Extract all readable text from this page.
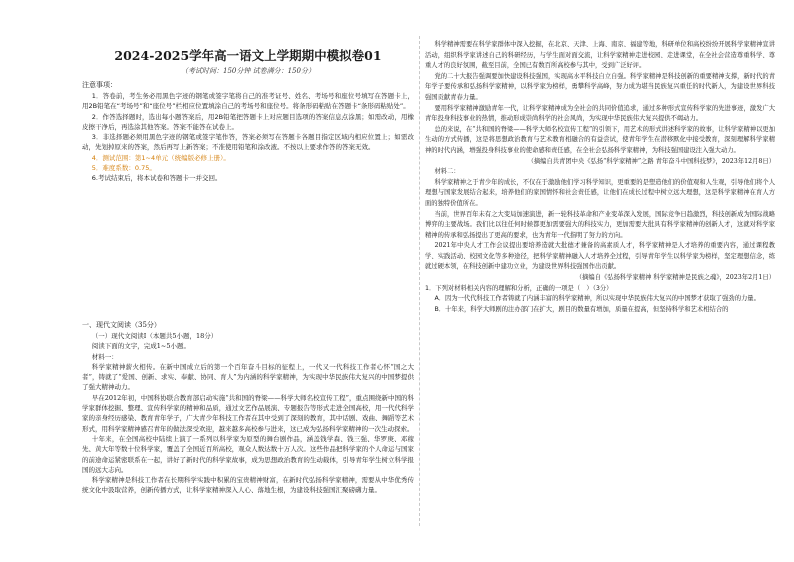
2024-2025学年高一语文上学期期中模拟卷01
（考试时间：150分钟 试卷满分：150分）

注意事项：

1．答卷前，考生务必用黑色字迹的钢笔或签字笔将自己的准考证号、姓名、考场号和座位号填写在答题卡上，用2B铅笔在“考场号”和“座位号”栏相应位置填涂自己的考场号和座位号。将条形码粘贴在答题卡“条形码粘贴处”。

2．作答选择题时，选出每小题答案后，用2B铅笔把答题卡上对应题目选项的答案信息点涂黑；如需改动，用橡皮擦干净后，再选涂其他答案。答案不能答在试卷上。

3．非选择题必须用黑色字迹的钢笔或签字笔作答，答案必须写在答题卡各题目指定区域内相应位置上；如需改动，先划掉原来的答案，然后再写上新答案；不准使用铅笔和涂改液。不按以上要求作答的答案无效。

4．测试范围：第1~4单元（统编版必修上册）。

5．难度系数：0.75。

6.考试结束后，将本试卷和答题卡一并交回。

一、现代文阅读（35分）

（一）现代文阅读Ⅰ（本题共5小题，18分）

阅读下面的文字，完成1~5小题。

材料一：

科学家精神薪火相传。在新中国成立后的第一个百年奋斗目标的征程上，一代又一代科技工作者心怀“国之大者”，铸就了“爱国、创新、求实、奉献、协同、育人”为内涵的科学家精神，为实现中华民族伟大复兴的中国梦提供了强大精神动力。

早在2012年初，中国科协联合教育部启动实施“共和国的脊梁——科学大师名校宣传工程”，重点围绕新中国的科学家群体挖掘、整理、宣传科学家的精神和品质，通过文艺作品展演、专题报告等形式走进全国高校，用一代代科学家的亲身经历感染、教育青年学子，广大青少年科技工作者在其中受到了深刻的教育，其中话剧、戏曲、舞蹈等艺术形式，用科学家精神感召青年的做法深受欢迎，越来越多高校参与进来，这已成为弘扬科学家精神的一次生动探索。

十年来，在全国高校中陆续上演了一系列以科学家为原型的舞台剧作品，涵盖钱学森、钱三强、华罗庚、邓稼先、黄大年等数十位科学家，覆盖了全国近百所高校，观众人数达数十万人次。这些作品把科学家的个人命运与国家的前途命运紧密联系在一起，讲好了新时代的科学家故事，成为思想政治教育的生动载体，引导青年学生树立科学报国的远大志向。

科学家精神是科技工作者在长期科学实践中积累的宝贵精神财富，在新时代弘扬科学家精神，需要从中华优秀传统文化中汲取营养，创新传播方式，让科学家精神深入人心、落地生根，为建设科技强国汇聚磅礴力量。

科学精神需要在科学家群体中深入挖掘，在北京、天津、上海、南京、福建等地，科研单位和高校纷纷开展科学家精神宣讲活动，组织科学家讲述自己的科研经历，与学生面对面交流，让科学家精神走进校园、走进课堂，在全社会营造尊重科学、尊重人才的良好氛围，截至目前，全国已有数百所高校参与其中，受到广泛好评。

党的二十大报告强调要加快建设科技强国，实现高水平科技自立自强。科学家精神是科技创新的重要精神支撑，新时代的青年学子要传承和弘扬科学家精神，以科学家为榜样，勇攀科学高峰，努力成为堪当民族复兴重任的时代新人，为建设世界科技强国贡献青春力量。

要用科学家精神激励青年一代，让科学家精神成为全社会的共同价值追求，通过多种形式宣传科学家的先进事迹，激发广大青年投身科技事业的热情，推动形成崇尚科学的社会风尚，为实现中华民族伟大复兴提供不竭动力。

总的来说，在“共和国的脊梁——科学大师名校宣传工程”的引领下，用艺术的形式讲述科学家的故事，让科学家精神以更加生动的方式传播，这是将思想政治教育与艺术教育相融合的有益尝试，使青年学生在潜移默化中接受教育，深刻理解科学家精神的时代内涵，增强投身科技事业的使命感和责任感，在全社会弘扬科学家精神，为科技强国建设注入强大动力。

（摘编自共青团中央《弘扬“科学家精神”之路 青年奋斗中国科技梦》，2023年12月8日）

材料二：

科学家精神之于青少年的成长，不仅在于激励他们学习科学知识，更重要的是塑造他们的价值观和人生观，引导他们将个人理想与国家发展结合起来，培养他们的家国情怀和社会责任感，让他们在成长过程中树立远大理想，这是科学家精神在育人方面的独特价值所在。

当前，世界百年未有之大变局加速演进，新一轮科技革命和产业变革深入发展，国际竞争日趋激烈，科技创新成为国际战略博弈的主要战场。我们比以往任何时候都更加需要强大的科技实力，更加需要大批具有科学家精神的创新人才，这就对科学家精神的传承和弘扬提出了更高的要求，也为青年一代指明了努力的方向。

2021年中央人才工作会议提出要培养造就大批德才兼备的高素质人才，科学家精神是人才培养的重要内容，通过课程教学、实践活动、校园文化等多种途径，把科学家精神融入人才培养全过程，引导青年学生以科学家为榜样，坚定理想信念，练就过硬本领，在科技创新中建功立业，为建设世界科技强国作出贡献。

（摘编自《弘扬科学家精神 科学家精神是民族之魂》，2023年2月1日）

1．下列对材料相关内容的理解和分析，正确的一项是（　）（3分）

A．因为一代代科技工作者铸就了内涵丰富的科学家精神，所以实现中华民族伟大复兴的中国梦才获取了强劲的力量。

B．十年来，科学大师剧的注办部门在扩大，剧目的数量有增加，质量在提高，但坚持科学和艺术相结合的
